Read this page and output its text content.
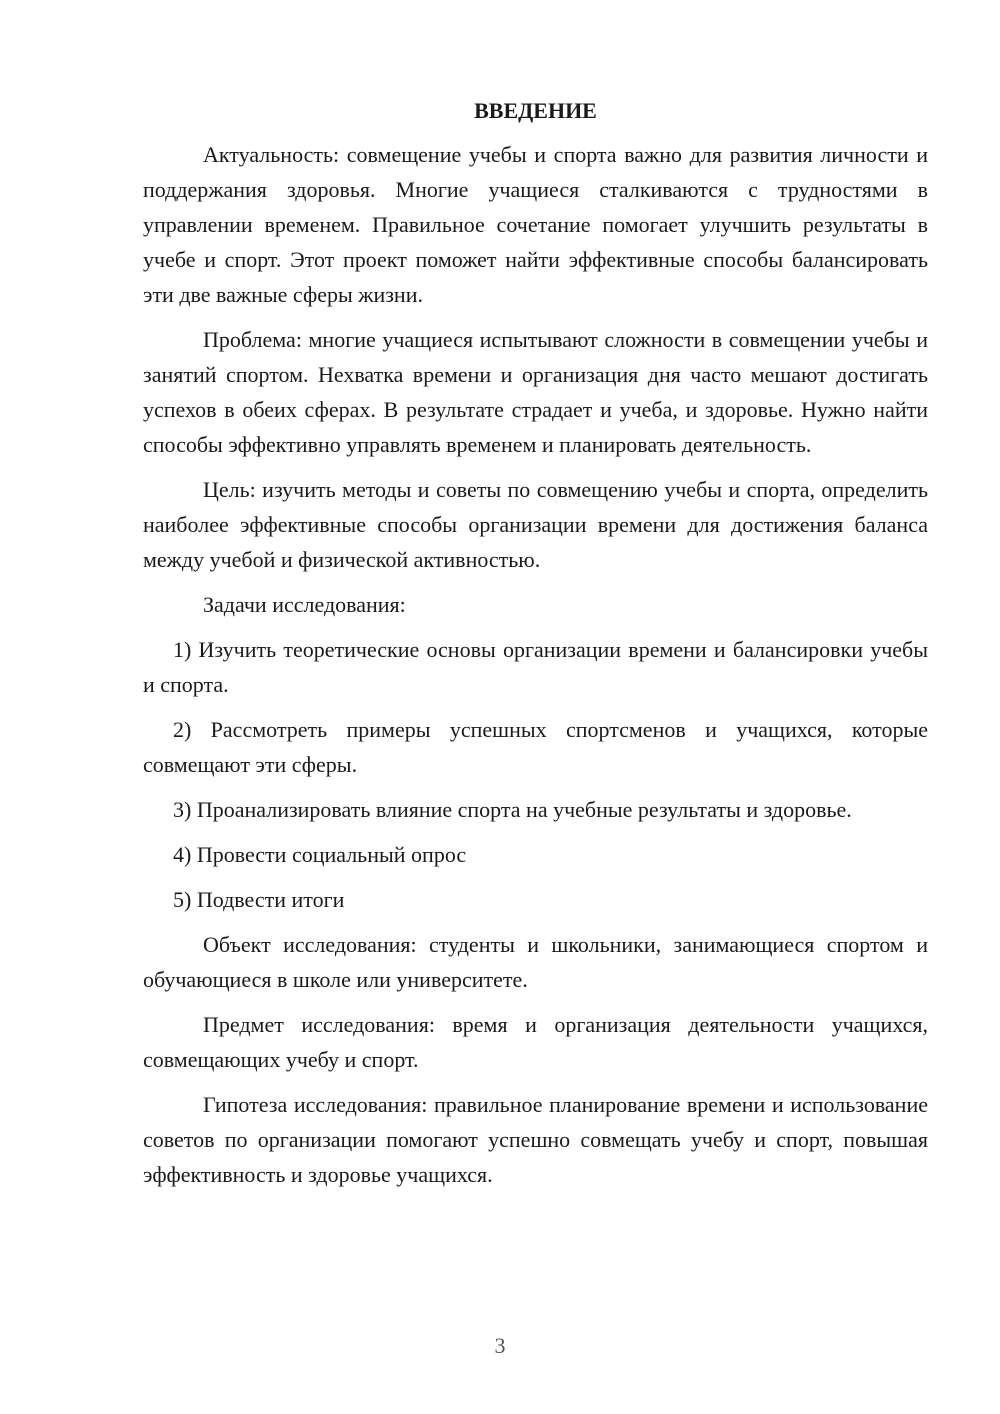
ВВЕДЕНИЕ

Актуальность: совмещение учебы и спорта важно для развития личности и поддержания здоровья. Многие учащиеся сталкиваются с трудностями в управлении временем. Правильное сочетание помогает улучшить результаты в учебе и спорт. Этот проект поможет найти эффективные способы балансировать эти две важные сферы жизни.

Проблема: многие учащиеся испытывают сложности в совмещении учебы и занятий спортом. Нехватка времени и организация дня часто мешают достигать успехов в обеих сферах. В результате страдает и учеба, и здоровье. Нужно найти способы эффективно управлять временем и планировать деятельность.

Цель: изучить методы и советы по совмещению учебы и спорта, определить наиболее эффективные способы организации времени для достижения баланса между учебой и физической активностью.

Задачи исследования:

1) Изучить теоретические основы организации времени и балансировки учебы и спорта.

2) Рассмотреть примеры успешных спортсменов и учащихся, которые совмещают эти сферы.

3) Проанализировать влияние спорта на учебные результаты и здоровье.

4) Провести социальный опрос

5) Подвести итоги

Объект исследования: студенты и школьники, занимающиеся спортом и обучающиеся в школе или университете.

Предмет исследования: время и организация деятельности учащихся, совмещающих учебу и спорт.

Гипотеза исследования: правильное планирование времени и использование советов по организации помогают успешно совмещать учебу и спорт, повышая эффективность и здоровье учащихся.

3
